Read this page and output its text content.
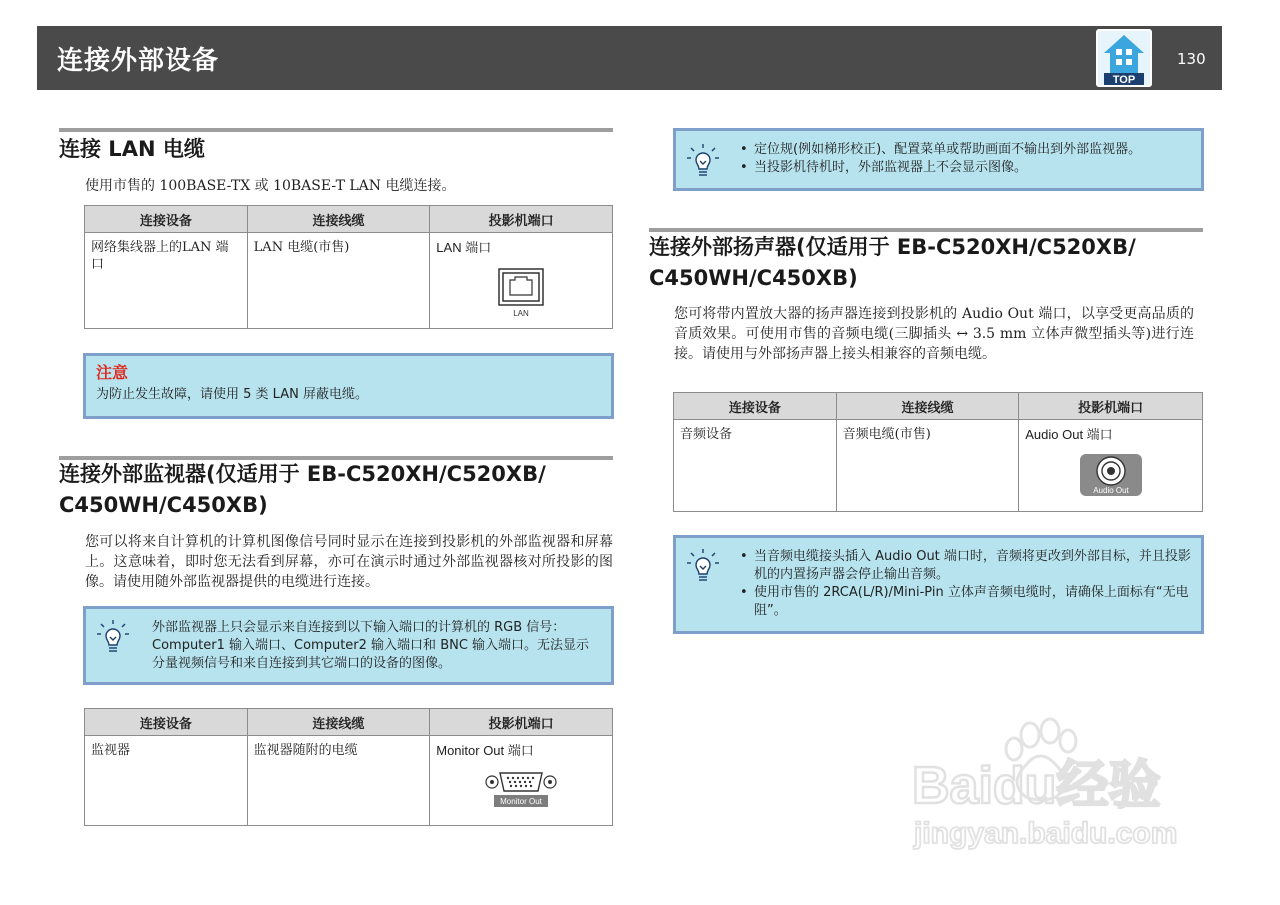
连接外部设备
TOP
130
连接 LAN 电缆
使用市售的 100BASE-TX 或 10BASE-T LAN 电缆连接。
连接设备	连接线缆	投影机端口
网络集线器上的LAN 端口	LAN 电缆(市售)	LAN 端口
LAN
注意
为防止发生故障，请使用 5 类 LAN 屏蔽电缆。
连接外部监视器(仅适用于 EB-C520XH/C520XB/
C450WH/C450XB)
您可以将来自计算机的计算机图像信号同时显示在连接到投影机的外部监视器和屏幕上。这意味着，即时您无法看到屏幕，亦可在演示时通过外部监视器核对所投影的图像。请使用随外部监视器提供的电缆进行连接。
外部监视器上只会显示来自连接到以下输入端口的计算机的 RGB 信号：Computer1 输入端口、Computer2 输入端口和 BNC 输入端口。无法显示分量视频信号和来自连接到其它端口的设备的图像。
连接设备	连接线缆	投影机端口
监视器	监视器随附的电缆	Monitor Out 端口
Monitor Out
• 定位规(例如梯形校正)、配置菜单或帮助画面不输出到外部监视器。
• 当投影机待机时，外部监视器上不会显示图像。
连接外部扬声器(仅适用于 EB-C520XH/C520XB/
C450WH/C450XB)
您可将带内置放大器的扬声器连接到投影机的 Audio Out 端口，以享受更高品质的音质效果。可使用市售的音频电缆(三脚插头 ↔ 3.5 mm 立体声微型插头等)进行连接。请使用与外部扬声器上接头相兼容的音频电缆。
连接设备	连接线缆	投影机端口
音频设备	音频电缆(市售)	Audio Out 端口
Audio Out
• 当音频电缆接头插入 Audio Out 端口时，音频将更改到外部目标，并且投影机的内置扬声器会停止输出音频。
• 使用市售的 2RCA(L/R)/Mini-Pin 立体声音频电缆时，请确保上面标有“无电阻”。
Baidu经验
jingyan.baidu.com
